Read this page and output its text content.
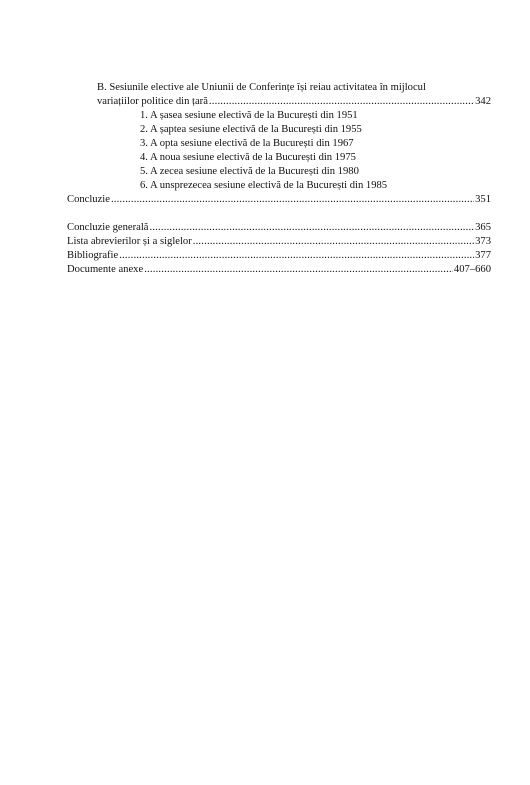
B. Sesiunile elective ale Uniunii de Conferințe își reiau activitatea în mijlocul
variațiilor politice din țară .....	342
1. A șasea sesiune electivă de la București din 1951
2. A șaptea sesiune electivă de la București din 1955
3. A opta sesiune electivă de la București din 1967
4. A noua sesiune electivă de la București din 1975
5. A zecea sesiune electivă de la București din 1980
6. A unsprezecea sesiune electivă de la București din 1985
Concluzie .....	351
Concluzie generală .....	365
Lista abrevierilor și a siglelor .....	373
Bibliografie .....	377
Documente anexe .....	407–660
